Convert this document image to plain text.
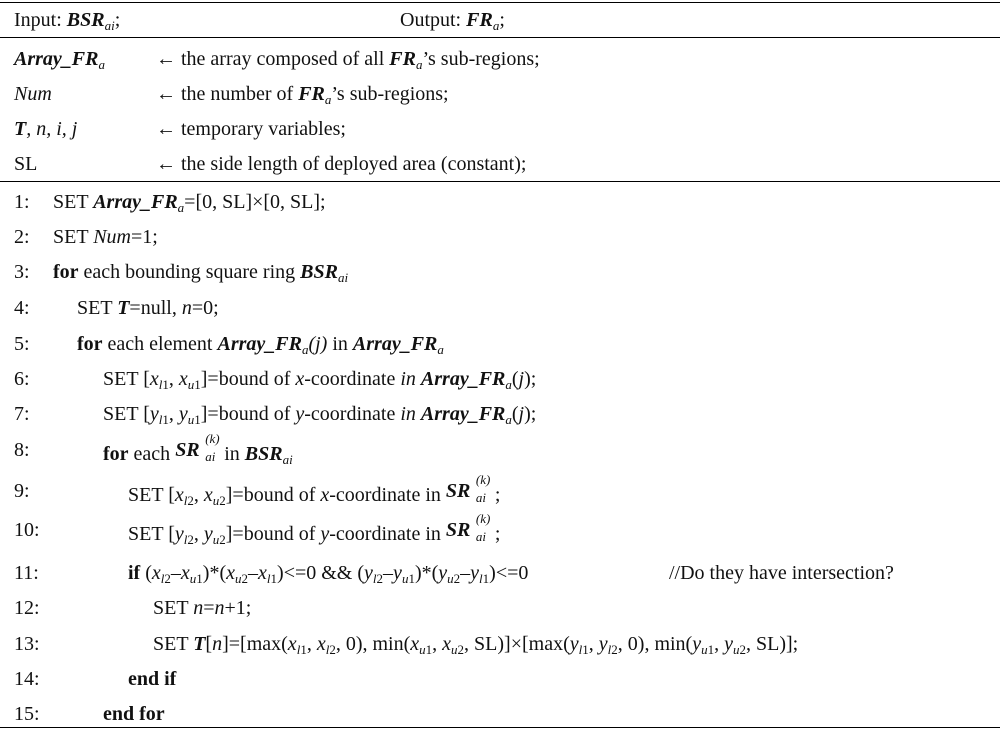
Input: $BSR_{ai}$;	Output: $FR_a$;
$Array\_FR_a$	← the array composed of all $FR_a’s$ sub-regions;
Num	← the number of $FR_a’s$ sub-regions;
T, n, i, j	← temporary variables;
SL	← the side length of deployed area (constant);
1: SET $Array\_FR_a=[0$, SL]×[0, SL];
2: SET Num=1;
3: for each bounding square ring $BSR_{ai}$
4: SET T=null, n=0;
5: for each element $Array\_FR_a(j)$ in $Array\_FR_a$
6:	SET [$x_{l1}$, $x_{u1}]=bound$ of x-coordinate in $Array\_FR_a(j)$;
7:	SET [$y_{l1}$, $y_{u1}]=bound$ of y-coordinate in $Array\_FR_a(j)$;
8:	for each SR
(k)
ai in $BSR_{ai}$
9:	SET [$x_{l2}$, $x_{u2}]=bound$ of x-coordinate in SR
(k)
ai ;
10:	SET [$y_{l2}$, $y_{u2}]=bound$ of y-coordinate in SR
(k)
ai ;
11:	if $(x_{l2}-x_{u1})*(x_{u2}-x_{l1})<=0$ && $(y_{l2}-y_{u1})*(y_{u2}-y_{l1})<=0$	//Do they have intersection?
12:	SET n=n+1;
13:	SET $T[n]=[\max(x_{l1}$, $x_{l2}$, 0), $\min(x_{u1}$, $x_{u2}$, $SL)]\times[\max(y_{l1}$, $y_{l2}$, 0), $\min(y_{u1}$, $y_{u2}$, SL)];
14:	end if
15:	end for
